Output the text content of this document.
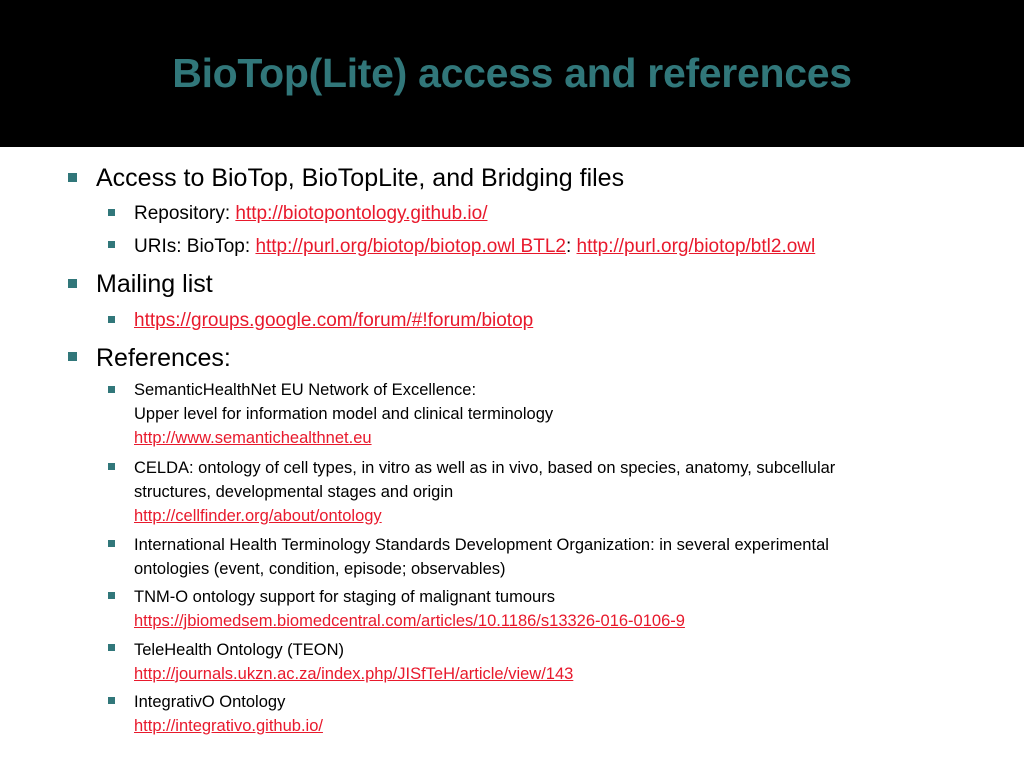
BioTop(Lite) access and references
Access to BioTop, BioTopLite, and Bridging files
Repository: http://biotopontology.github.io/
URIs: BioTop: http://purl.org/biotop/biotop.owl BTL2: http://purl.org/biotop/btl2.owl
Mailing list
https://groups.google.com/forum/#!forum/biotop
References:
SemanticHealthNet EU Network of Excellence:
Upper level for information model and clinical terminology
http://www.semantichealthnet.eu
CELDA: ontology of cell types, in vitro as well as in vivo, based on species, anatomy, subcellular
structures, developmental stages and origin
http://cellfinder.org/about/ontology
International Health Terminology Standards Development Organization: in several experimental
ontologies (event, condition, episode; observables)
TNM-O ontology support for staging of malignant tumours
https://jbiomedsem.biomedcentral.com/articles/10.1186/s13326-016-0106-9
TeleHealth Ontology (TEON)
http://journals.ukzn.ac.za/index.php/JISfTeH/article/view/143
IntegrativO Ontology
http://integrativo.github.io/
